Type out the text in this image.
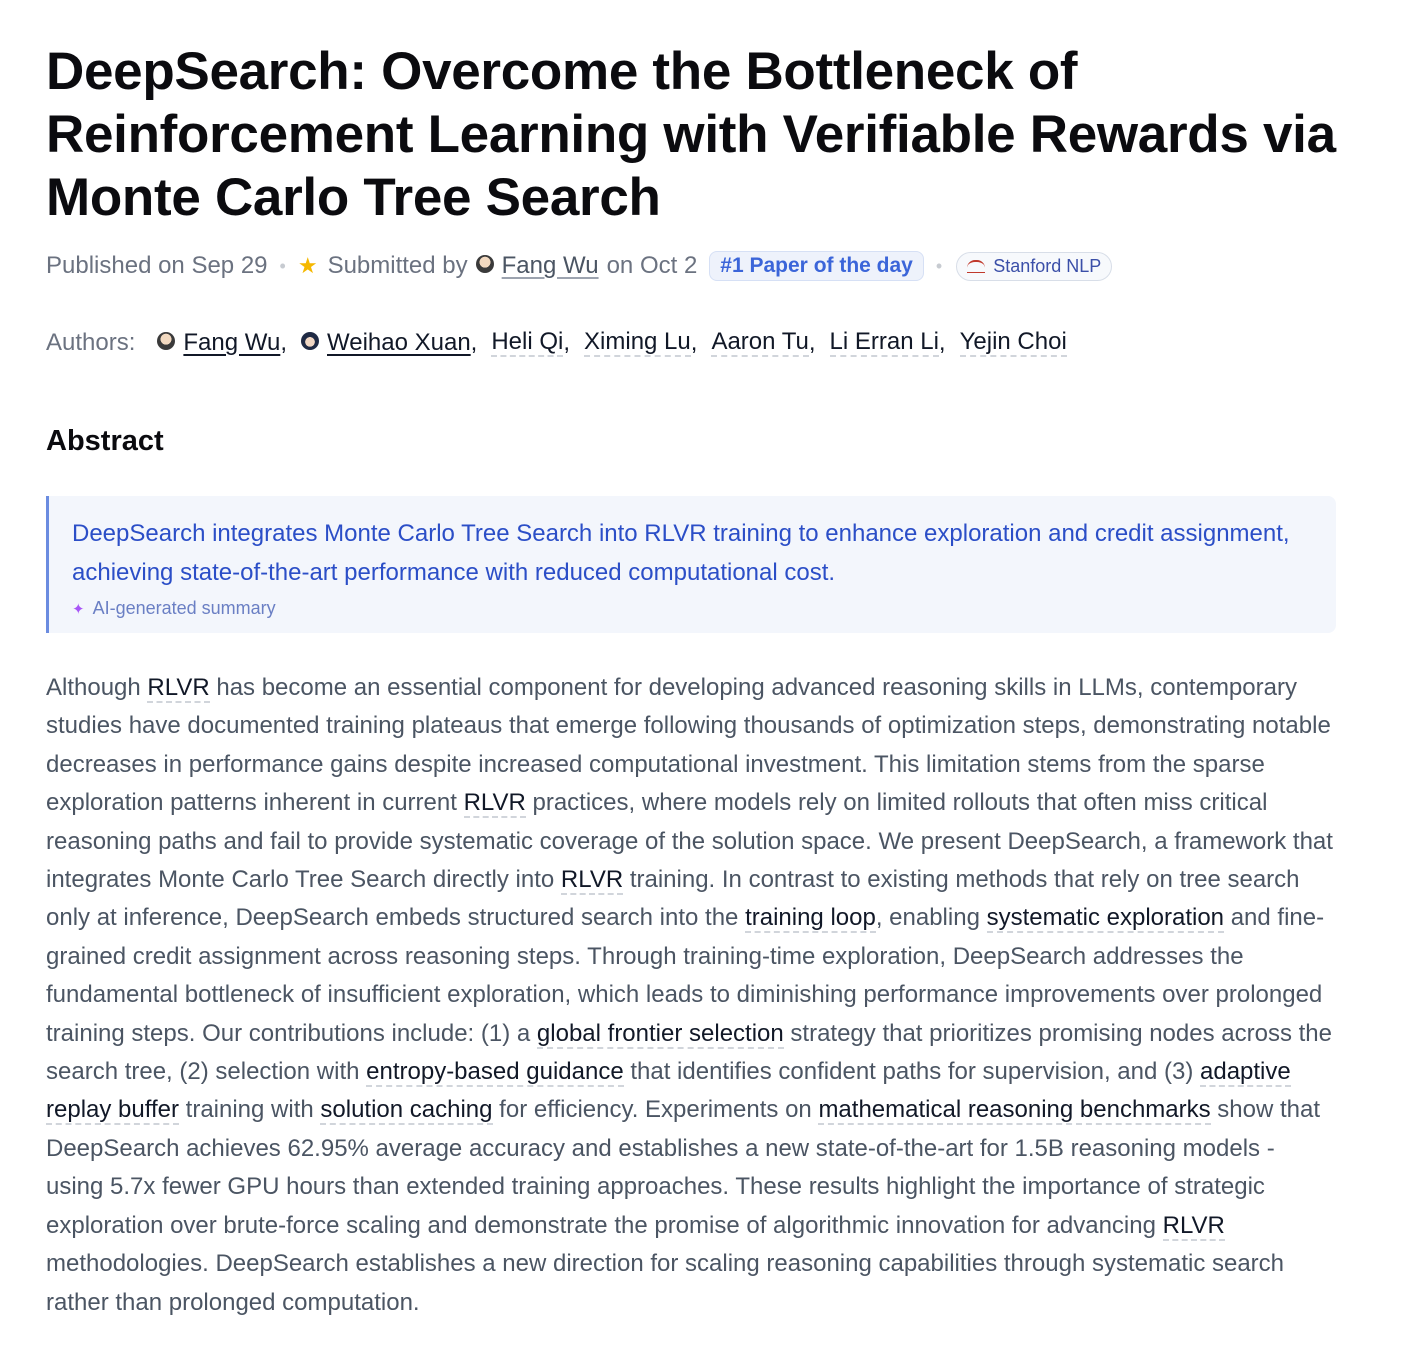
DeepSearch: Overcome the Bottleneck of Reinforcement Learning with Verifiable Rewards via Monte Carlo Tree Search
Published on Sep 29 • ★ Submitted by Fang Wu on Oct 2	#1 Paper of the day	•	Stanford NLP
Authors: Fang Wu , Weihao Xuan , Heli Qi , Ximing Lu , Aaron Tu , Li Erran Li , Yejin Choi
Abstract
DeepSearch integrates Monte Carlo Tree Search into RLVR training to enhance exploration and credit assignment, achieving state-of-the-art performance with reduced computational cost.
✦ AI-generated summary

Although RLVR has become an essential component for developing advanced reasoning skills in LLMs, contemporary studies have documented training plateaus that emerge following thousands of optimization steps, demonstrating notable decreases in performance gains despite increased computational investment. This limitation stems from the sparse exploration patterns inherent in current RLVR practices, where models rely on limited rollouts that often miss critical reasoning paths and fail to provide systematic coverage of the solution space. We present DeepSearch, a framework that integrates Monte Carlo Tree Search directly into RLVR training. In contrast to existing methods that rely on tree search only at inference, DeepSearch embeds structured search into the training loop, enabling systematic exploration and fine-grained credit assignment across reasoning steps. Through training-time exploration, DeepSearch addresses the fundamental bottleneck of insufficient exploration, which leads to diminishing performance improvements over prolonged training steps. Our contributions include: (1) a global frontier selection strategy that prioritizes promising nodes across the search tree, (2) selection with entropy-based guidance that identifies confident paths for supervision, and (3) adaptive replay buffer training with solution caching for efficiency. Experiments on mathematical reasoning benchmarks show that DeepSearch achieves 62.95% average accuracy and establishes a new state-of-the-art for 1.5B reasoning models - using 5.7x fewer GPU hours than extended training approaches. These results highlight the importance of strategic exploration over brute-force scaling and demonstrate the promise of algorithmic innovation for advancing RLVR methodologies. DeepSearch establishes a new direction for scaling reasoning capabilities through systematic search rather than prolonged computation.
